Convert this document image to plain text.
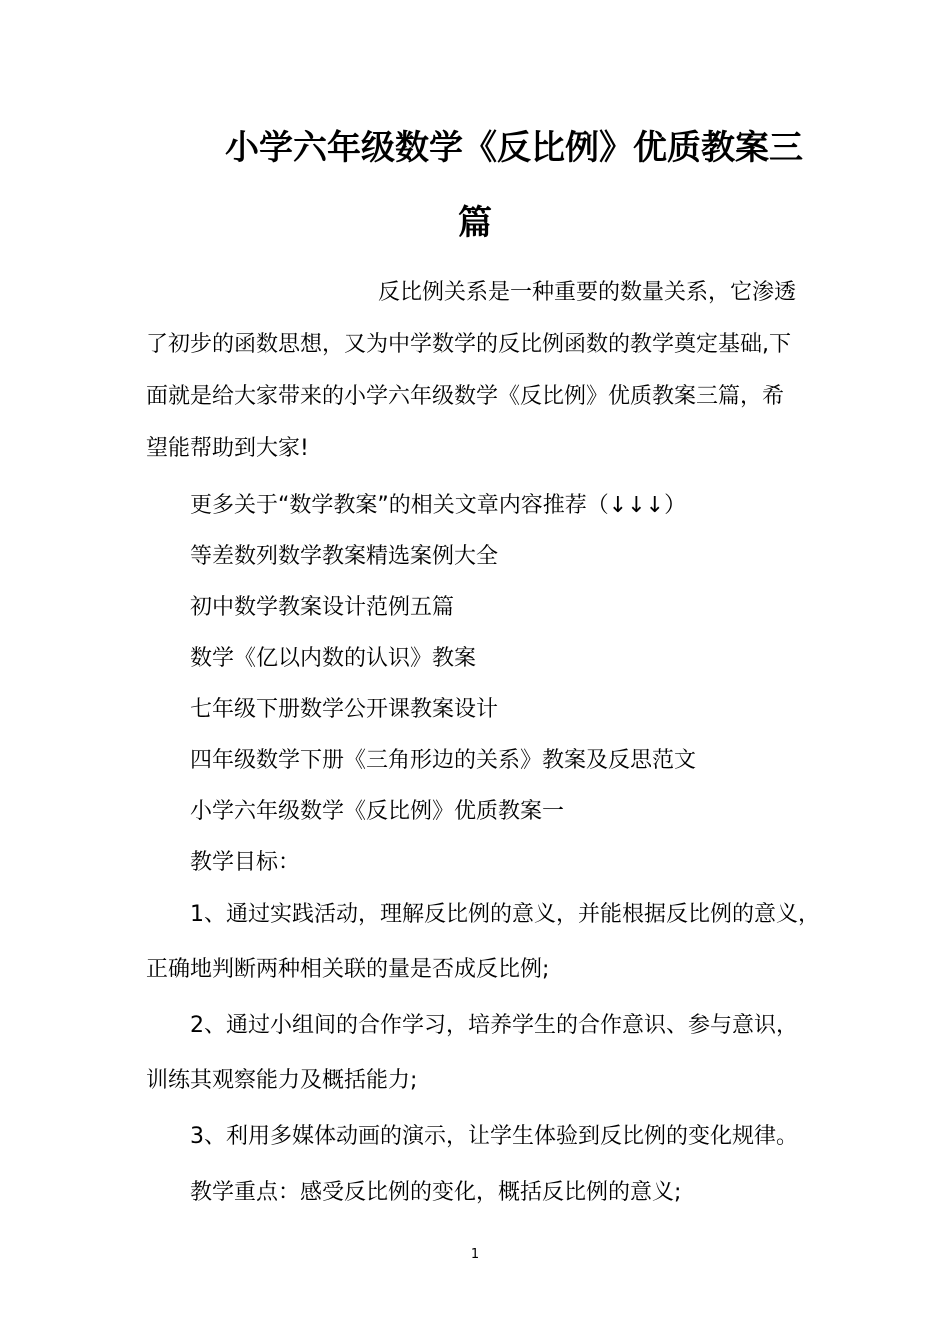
小学六年级数学《反比例》优质教案三
篇
反比例关系是一种重要的数量关系，它渗透
了初步的函数思想，又为中学数学的反比例函数的教学奠定基础,下
面就是给大家带来的小学六年级数学《反比例》优质教案三篇，希
望能帮助到大家!
更多关于“数学教案”的相关文章内容推荐（↓↓↓）
等差数列数学教案精选案例大全
初中数学教案设计范例五篇
数学《亿以内数的认识》教案
七年级下册数学公开课教案设计
四年级数学下册《三角形边的关系》教案及反思范文
小学六年级数学《反比例》优质教案一
教学目标：
1、通过实践活动，理解反比例的意义，并能根据反比例的意义，
正确地判断两种相关联的量是否成反比例;
2、通过小组间的合作学习，培养学生的合作意识、参与意识，
训练其观察能力及概括能力;
3、利用多媒体动画的演示，让学生体验到反比例的变化规律。
教学重点：感受反比例的变化，概括反比例的意义;
1
